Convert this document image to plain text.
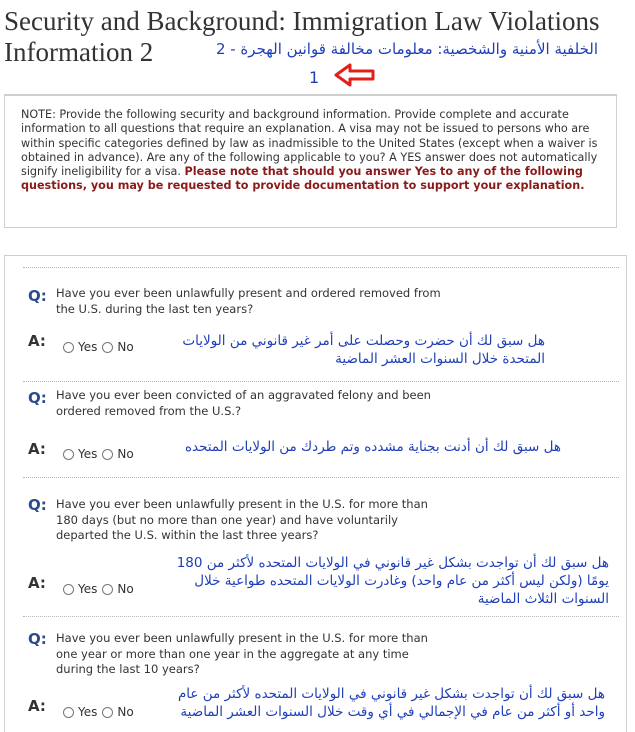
Security and Background: Immigration Law Violations
Information 2	الخلفية الأمنية والشخصية: معلومات مخالفة قوانين الهجرة - 2
1
NOTE: Provide the following security and background information. Provide complete and accurate information to all questions that require an explanation. A visa may not be issued to persons who are within specific categories defined by law as inadmissible to the United States (except when a waiver is obtained in advance). Are any of the following applicable to you? A YES answer does not automatically signify ineligibility for a visa. Please note that should you answer Yes to any of the following questions, you may be requested to provide documentation to support your explanation.
Q: Have you ever been unlawfully present and ordered removed from the U.S. during the last ten years?
A:	Yes No	هل سبق لك أن حضرت وحصلت على أمر غير قانوني من الولايات المتحدة خلال السنوات العشر الماضية
Q: Have you ever been convicted of an aggravated felony and been ordered removed from the U.S.?
A:	Yes No	هل سبق لك أن أدنت بجناية مشدده وتم طردك من الولايات المتحده
Q: Have you ever been unlawfully present in the U.S. for more than 180 days (but no more than one year) and have voluntarily departed the U.S. within the last three years?
A:	Yes No
هل سبق لك أن تواجدت بشكل غير قانوني في الولايات المتحده لأكثر من 180 يومًا (ولكن ليس أكثر من عام واحد) وغادرت الولايات المتحده طواعية خلال السنوات الثلاث الماضية
Q: Have you ever been unlawfully present in the U.S. for more than one year or more than one year in the aggregate at any time during the last 10 years?
A:	Yes No
هل سبق لك أن تواجدت بشكل غير قانوني في الولايات المتحده لأكثر من عام واحد أو أكثر من عام في الإجمالي في أي وقت خلال السنوات العشر الماضية
